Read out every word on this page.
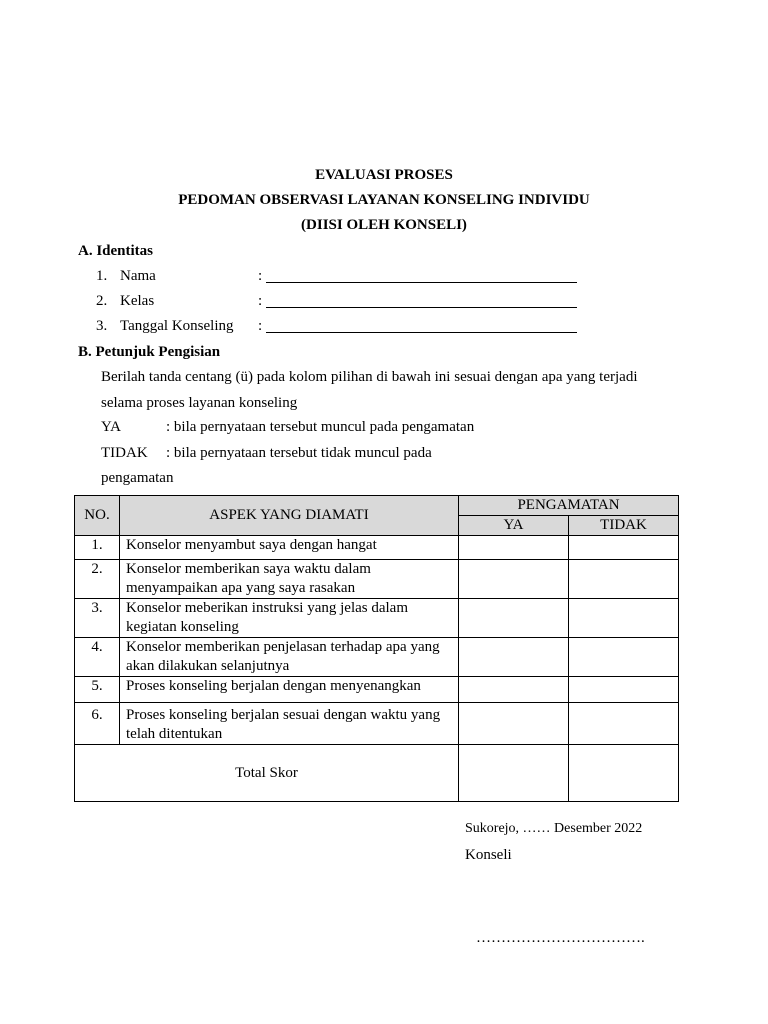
EVALUASI PROSES
PEDOMAN OBSERVASI LAYANAN KONSELING INDIVIDU
(DIISI OLEH KONSELI)
A. Identitas
1. Nama	:
2. Kelas	:
3. Tanggal Konseling :
B. Petunjuk Pengisian
Berilah tanda centang (ü) pada kolom pilihan di bawah ini sesuai dengan apa yang terjadi
selama proses layanan konseling
YA	: bila pernyataan tersebut muncul pada pengamatan
TIDAK : bila pernyataan tersebut tidak muncul pada
pengamatan
NO.	ASPEK YANG DIAMATI	PENGAMATAN	
		YA	TIDAK
1.	Konselor menyambut saya dengan hangat		
2.	Konselor memberikan saya waktu dalam menyampaikan apa yang saya rasakan		
3.	Konselor meberikan instruksi yang jelas dalam kegiatan konseling		
4.	Konselor memberikan penjelasan terhadap apa yang akan dilakukan selanjutnya		
5.	Proses konseling berjalan dengan menyenangkan		
6.	Proses konseling berjalan sesuai dengan waktu yang telah ditentukan		
Total Skor			
Sukorejo, …… Desember 2022
Konseli
…………………………….
